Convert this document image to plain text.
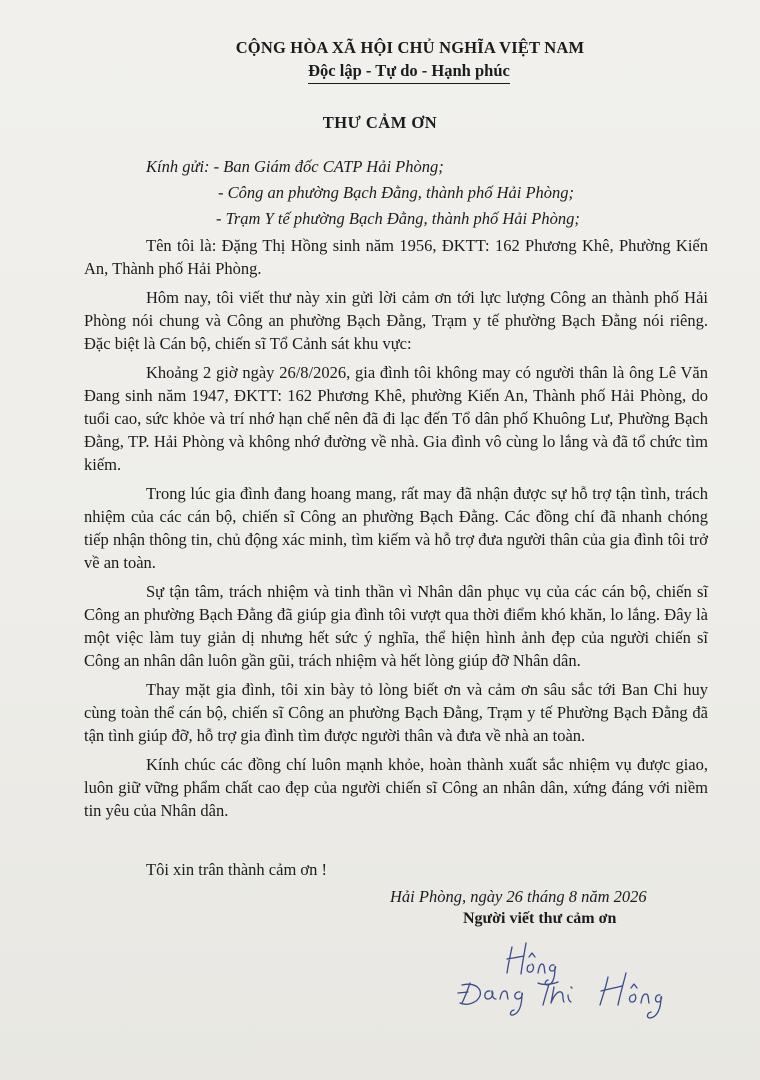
CỘNG HÒA XÃ HỘI CHỦ NGHĨA VIỆT NAM
Độc lập - Tự do - Hạnh phúc
THƯ CẢM ƠN
Kính gửi: - Ban Giám đốc CATP Hải Phòng;
- Công an phường Bạch Đằng, thành phố Hải Phòng;
- Trạm Y tế phường Bạch Đằng, thành phố Hải Phòng;

Tên tôi là: Đặng Thị Hồng sinh năm 1956, ĐKTT: 162 Phương Khê, Phường Kiến An, Thành phố Hải Phòng.

Hôm nay, tôi viết thư này xin gửi lời cảm ơn tới lực lượng Công an thành phố Hải Phòng nói chung và Công an phường Bạch Đằng, Trạm y tế phường Bạch Đằng nói riêng. Đặc biệt là Cán bộ, chiến sĩ Tổ Cảnh sát khu vực:

Khoảng 2 giờ ngày 26/8/2026, gia đình tôi không may có người thân là ông Lê Văn Đang sinh năm 1947, ĐKTT: 162 Phương Khê, phường Kiến An, Thành phố Hải Phòng, do tuổi cao, sức khỏe và trí nhớ hạn chế nên đã đi lạc đến Tổ dân phố Khuông Lư, Phường Bạch Đằng, TP. Hải Phòng và không nhớ đường về nhà. Gia đình vô cùng lo lắng và đã tổ chức tìm kiếm.

Trong lúc gia đình đang hoang mang, rất may đã nhận được sự hỗ trợ tận tình, trách nhiệm của các cán bộ, chiến sĩ Công an phường Bạch Đằng. Các đồng chí đã nhanh chóng tiếp nhận thông tin, chủ động xác minh, tìm kiếm và hỗ trợ đưa người thân của gia đình tôi trở về an toàn.

Sự tận tâm, trách nhiệm và tinh thần vì Nhân dân phục vụ của các cán bộ, chiến sĩ Công an phường Bạch Đằng đã giúp gia đình tôi vượt qua thời điểm khó khăn, lo lắng. Đây là một việc làm tuy giản dị nhưng hết sức ý nghĩa, thể hiện hình ảnh đẹp của người chiến sĩ Công an nhân dân luôn gần gũi, trách nhiệm và hết lòng giúp đỡ Nhân dân.

Thay mặt gia đình, tôi xin bày tỏ lòng biết ơn và cảm ơn sâu sắc tới Ban Chi huy cùng toàn thể cán bộ, chiến sĩ Công an phường Bạch Đằng, Trạm y tế Phường Bạch Đằng đã tận tình giúp đỡ, hỗ trợ gia đình tìm được người thân và đưa về nhà an toàn.

Kính chúc các đồng chí luôn mạnh khỏe, hoàn thành xuất sắc nhiệm vụ được giao, luôn giữ vững phẩm chất cao đẹp của người chiến sĩ Công an nhân dân, xứng đáng với niềm tin yêu của Nhân dân.

Tôi xin trân thành cảm ơn !
Hải Phòng, ngày 26 tháng 8 năm 2026
Người viết thư cảm ơn
